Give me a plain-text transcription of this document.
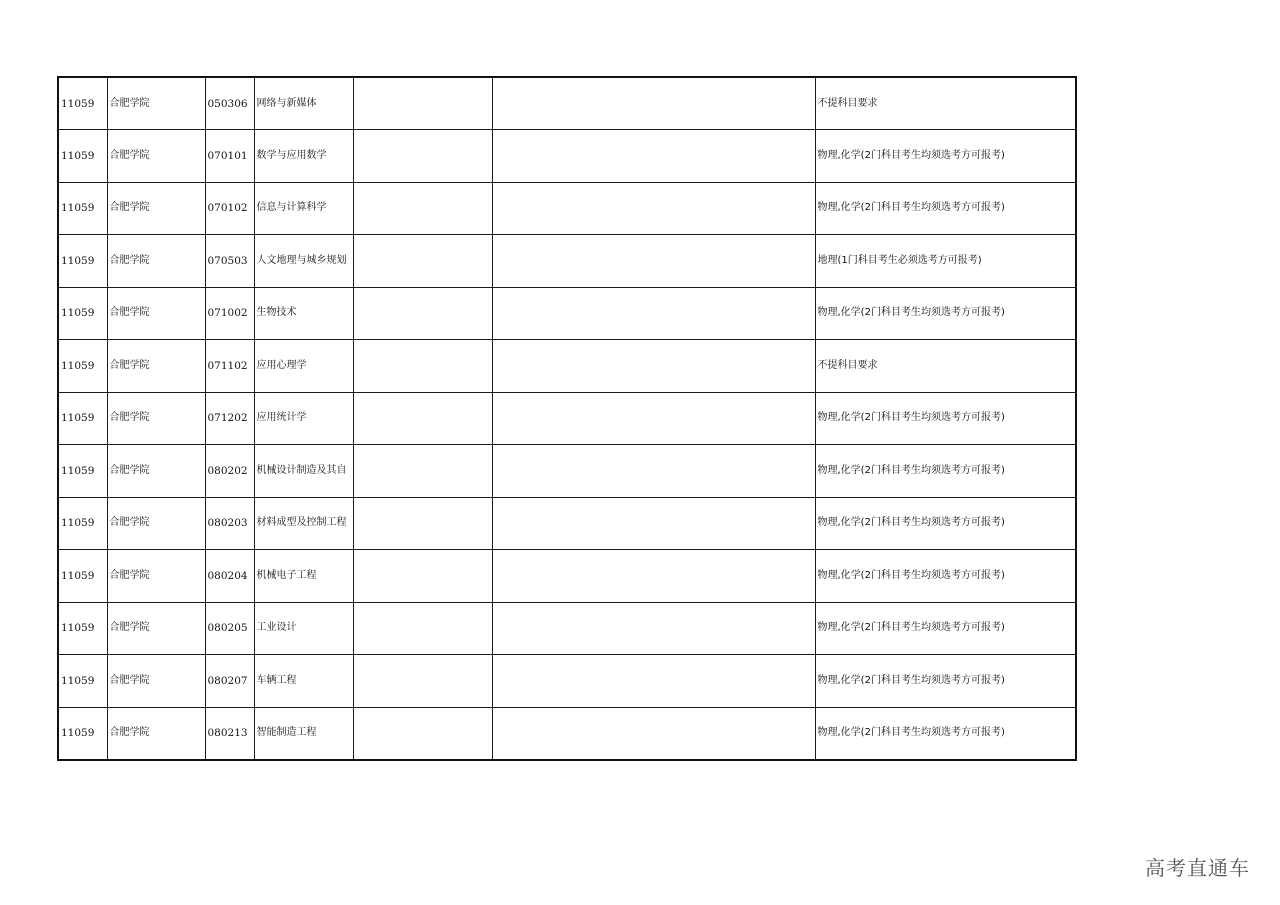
11059	合肥学院	050306	网络与新媒体			不提科目要求
11059	合肥学院	070101	数学与应用数学			物理,化学(2门科目考生均须选考方可报考)
11059	合肥学院	070102	信息与计算科学			物理,化学(2门科目考生均须选考方可报考)
11059	合肥学院	070503	人文地理与城乡规划			地理(1门科目考生必须选考方可报考)
11059	合肥学院	071002	生物技术			物理,化学(2门科目考生均须选考方可报考)
11059	合肥学院	071102	应用心理学			不提科目要求
11059	合肥学院	071202	应用统计学			物理,化学(2门科目考生均须选考方可报考)
11059	合肥学院	080202	机械设计制造及其自			物理,化学(2门科目考生均须选考方可报考)
11059	合肥学院	080203	材料成型及控制工程			物理,化学(2门科目考生均须选考方可报考)
11059	合肥学院	080204	机械电子工程			物理,化学(2门科目考生均须选考方可报考)
11059	合肥学院	080205	工业设计			物理,化学(2门科目考生均须选考方可报考)
11059	合肥学院	080207	车辆工程			物理,化学(2门科目考生均须选考方可报考)
11059	合肥学院	080213	智能制造工程			物理,化学(2门科目考生均须选考方可报考)
高考直通车
